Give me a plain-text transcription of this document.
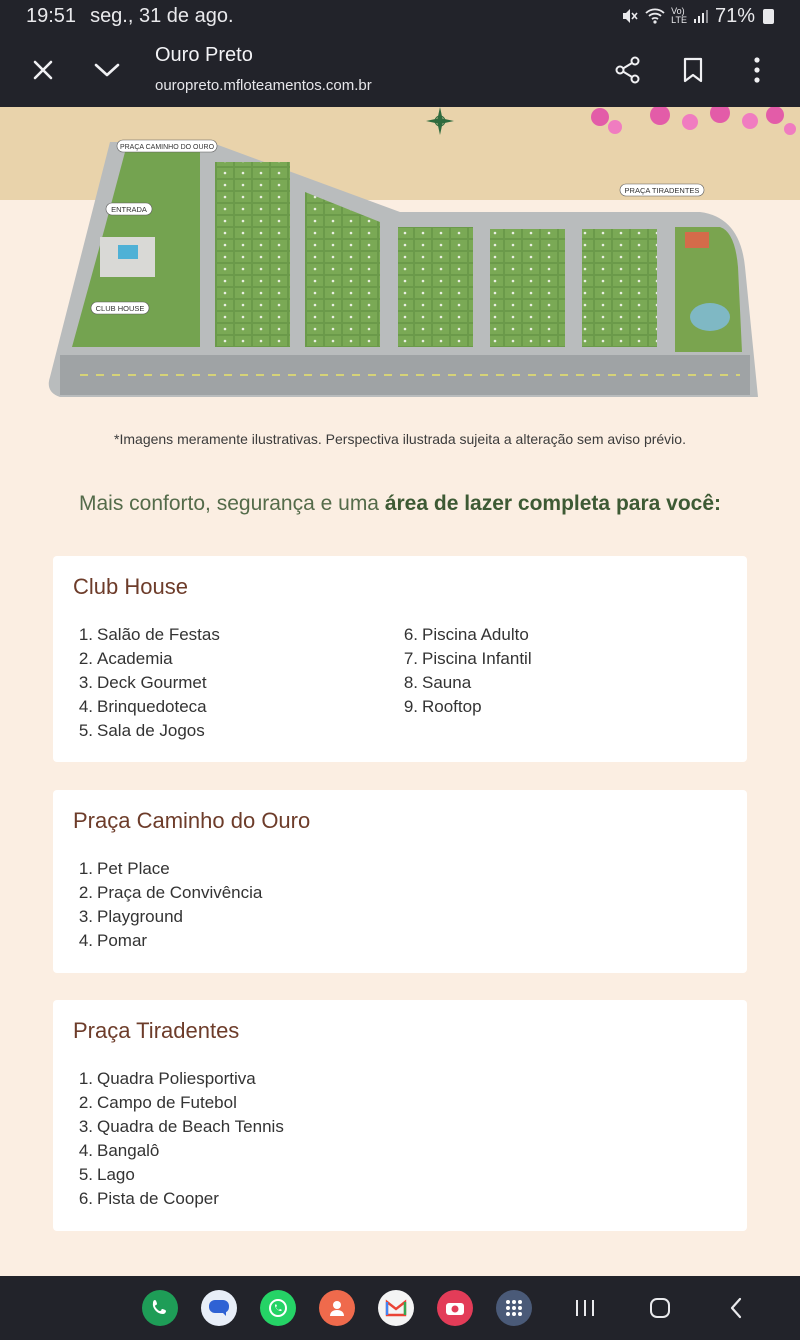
19:51 seg., 31 de ago.	Vo)
LTE 71%
Ouro Preto
ouropreto.mfloteamentos.com.br
PRAÇA CAMINHO DO OURO
ENTRADA
CLUB HOUSE
PRAÇA TIRADENTES
*Imagens meramente ilustrativas. Perspectiva ilustrada sujeita a alteração sem aviso prévio.
Mais conforto, segurança e uma área de lazer completa para você:
Club House
1. Salão de Festas
2. Academia
3. Deck Gourmet
4. Brinquedoteca
5. Sala de Jogos
6. Piscina Adulto
7. Piscina Infantil
8. Sauna
9. Rooftop
Praça Caminho do Ouro
1. Pet Place
2. Praça de Convivência
3. Playground
4. Pomar
Praça Tiradentes
1. Quadra Poliesportiva
2. Campo de Futebol
3. Quadra de Beach Tennis
4. Bangalô
5. Lago
6. Pista de Cooper
